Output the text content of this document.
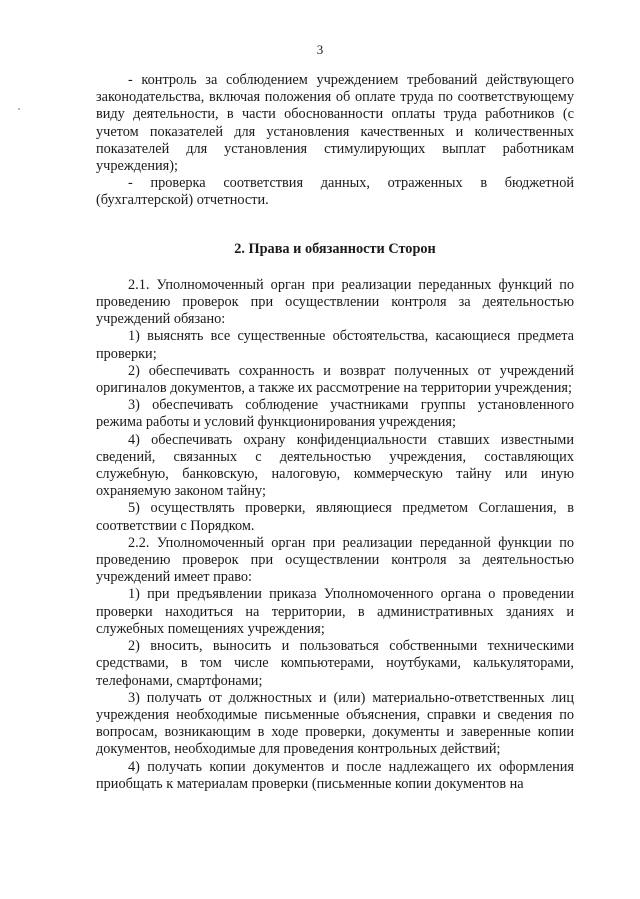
3

- контроль за соблюдением учреждением требований действующего законодательства, включая положения об оплате труда по соответствующему виду деятельности, в части обоснованности оплаты труда работников (с учетом показателей для установления качественных и количественных показателей для установления стимулирующих выплат работникам учреждения);

- проверка соответствия данных, отраженных в бюджетной (бухгалтерской) отчетности.

2. Права и обязанности Сторон

2.1. Уполномоченный орган при реализации переданных функций по проведению проверок при осуществлении контроля за деятельностью учреждений обязано:

1) выяснять все существенные обстоятельства, касающиеся предмета проверки;

2) обеспечивать сохранность и возврат полученных от учреждений оригиналов документов, а также их рассмотрение на территории учреждения;

3) обеспечивать соблюдение участниками группы установленного режима работы и условий функционирования учреждения;

4) обеспечивать охрану конфиденциальности ставших известными сведений, связанных с деятельностью учреждения, составляющих служебную, банковскую, налоговую, коммерческую тайну или иную охраняемую законом тайну;

5) осуществлять проверки, являющиеся предметом Соглашения, в соответствии с Порядком.

2.2. Уполномоченный орган при реализации переданной функции по проведению проверок при осуществлении контроля за деятельностью учреждений имеет право:

1) при предъявлении приказа Уполномоченного органа о проведении проверки находиться на территории, в административных зданиях и служебных помещениях учреждения;

2) вносить, выносить и пользоваться собственными техническими средствами, в том числе компьютерами, ноутбуками, калькуляторами, телефонами, смартфонами;

3) получать от должностных и (или) материально-ответственных лиц учреждения необходимые письменные объяснения, справки и сведения по вопросам, возникающим в ходе проверки, документы и заверенные копии документов, необходимые для проведения контрольных действий;

4) получать копии документов и после надлежащего их оформления приобщать к материалам проверки (письменные копии документов на
